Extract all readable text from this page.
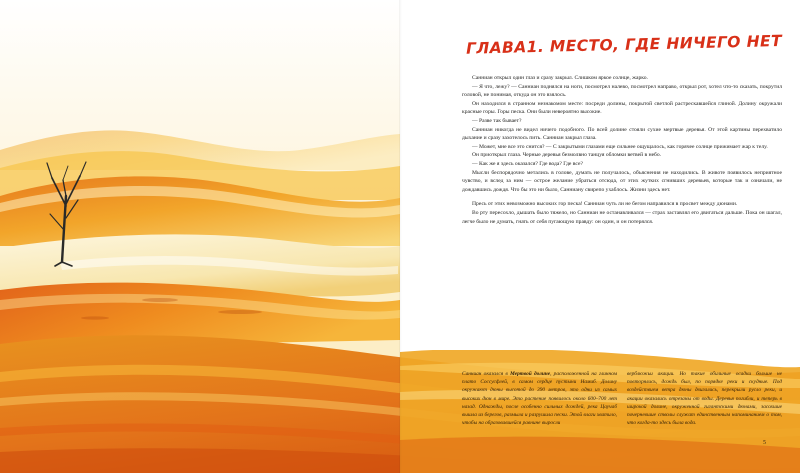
ГЛАВА1. МЕСТО, ГДЕ НИЧЕГО НЕТ

Санниан открыл один глаз и сразу закрыл. Слишком яркое солнце, жарко.

— Я что, лежу? — Санниан поднялся на ноги, посмотрел налево, посмотрел направо, открыл рот, хотел что-то сказать, покрутил головой, не понимая, откуда он это взялось.

Он находился в странном незнакомом месте: посреди долины, покрытой светлой растрескавшейся глиной. Долину окружали красные горы. Горы песка. Они были невероятно высокие.

— Разве так бывает?

Санниан никогда не видел ничего подобного. По всей долине стояли сухие мертвые деревья. От этой картины перехватило дыхание и сразу захотелось пить. Санниан закрыл глаза.

— Может, мне все это снится? — С закрытыми глазами еще сильнее ощущалось, как горячее солнце прижимает жар к телу.

Он приоткрыл глаза. Черные деревья безмолвно танцуя обломки ветвей в небо.

— Как же я здесь оказался? Где вода? Где все?

Мысли беспорядочно метались в голове, думать не получалось, объяснения не находились. В животе появилось неприятное чувство, и вслед за ним — острое желание убраться отсюда, от этих жутких сгнивших деревьев, которые так и означали, не дождавшись дождя. Что бы это ни было, Санниану свирепо ухаблось. Жизни здесь нет.

Пресь от этих невозможно высоких гор песка! Санниан чуть ли не бегом направился в просвет между дюнами.

Во рту пересохло, дышать было тяжело, но Санниан не останавливался — страх заставлял его двигаться дальше. Пока он шагал, легче было не думать, гнать от себя пугающую правду: он один, и он потерялся.

Санниан оказался в Мертвой долине, расположенной на глинном плато Соссусфлей, в самом сердце пустыни Намиб. Долину окружают дюны высотой до 390 метров, это одни из самых высоких дюн в мире. Это растение появилось около 600–700 лет назад. Однажды, после особенно сильных дождей, река Цаучаб вышла из берегов, размыла и разрушила пески. Этой влаги хватило, чтобы на образовавшейся равнине выросли
верблюжьи акации. Но такие обильные осадки больше не повторялись, дождь был, по порядке реки и скудные. Под воздействием ветра дюны двигались, перекрыли русло реки, и акации оказались отрезаны от воды. Деревья погибли, и теперь в широкой долине, окруженной гигантскими дюнами, засохшие почерневшие стволы служат единственным напоминанием о том, что когда-то здесь была вода.
5
